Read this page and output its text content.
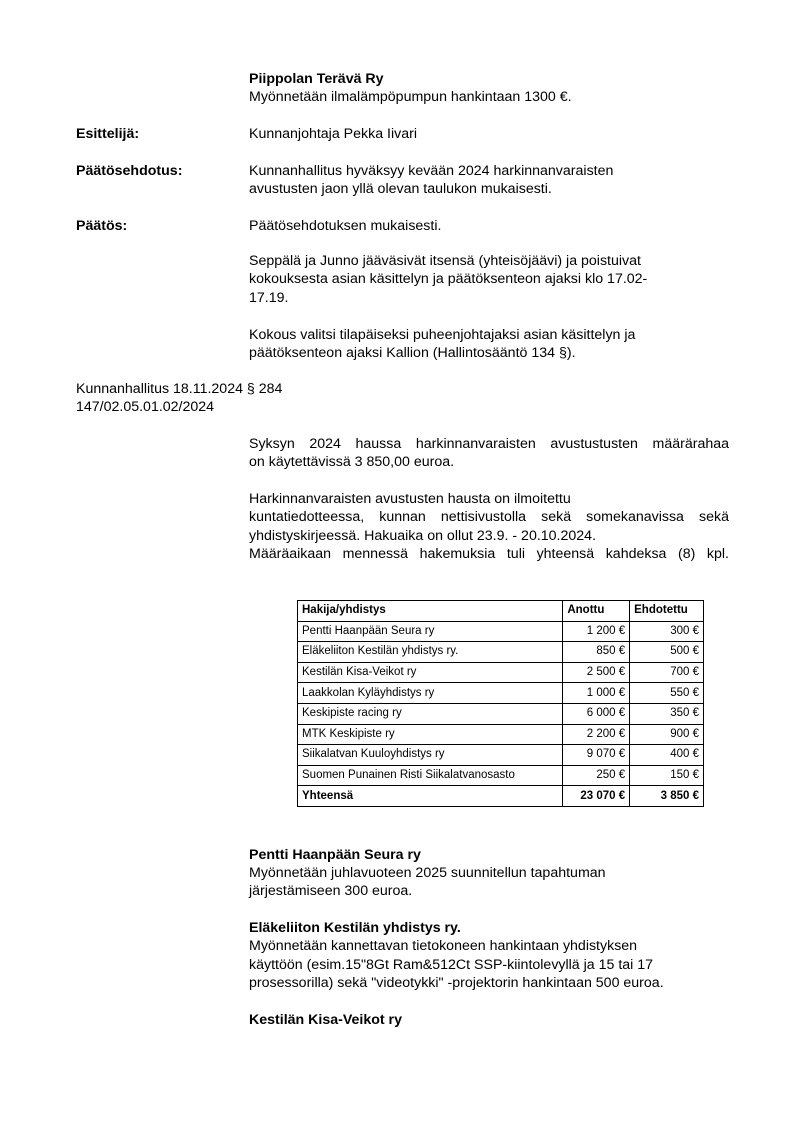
Piippolan Terävä Ry
Myönnetään ilmalämpöpumpun hankintaan 1300 €.
Esittelijä:	Kunnanjohtaja Pekka Iivari
Päätösehdotus:	Kunnanhallitus hyväksyy kevään 2024 harkinnanvaraisten
avustusten jaon yllä olevan taulukon mukaisesti.
Päätös:	Päätösehdotuksen mukaisesti.
Seppälä ja Junno jääväsivät itsensä (yhteisöjäävi) ja poistuivat
kokouksesta asian käsittelyn ja päätöksenteon ajaksi klo 17.02-
17.19.
Kokous valitsi tilapäiseksi puheenjohtajaksi asian käsittelyn ja
päätöksenteon ajaksi Kallion (Hallintosääntö 134 §).
Kunnanhallitus 18.11.2024 § 284
147/02.05.01.02/2024
Syksyn 2024 haussa harkinnanvaraisten avustustusten määrärahaa
on käytettävissä 3 850,00 euroa.
Harkinnanvaraisten avustusten hausta on ilmoitettu
kuntatiedotteessa, kunnan nettisivustolla sekä somekanavissa sekä
yhdistyskirjeessä. Hakuaika on ollut 23.9. - 20.10.2024.
Määräaikaan mennessä hakemuksia tuli yhteensä kahdeksa (8) kpl.
Hakija/yhdistys	Anottu	Ehdotettu
Pentti Haanpään Seura ry	1 200 €	300 €
Eläkeliiton Kestilän yhdistys ry.	850 €	500 €
Kestilän Kisa-Veikot ry	2 500 €	700 €
Laakkolan Kyläyhdistys ry	1 000 €	550 €
Keskipiste racing ry	6 000 €	350 €
MTK Keskipiste ry	2 200 €	900 €
Siikalatvan Kuuloyhdistys ry	9 070 €	400 €
Suomen Punainen Risti Siikalatvanosasto	250 €	150 €
Yhteensä	23 070 €	3 850 €
Pentti Haanpään Seura ry
Myönnetään juhlavuoteen 2025 suunnitellun tapahtuman
järjestämiseen 300 euroa.
Eläkeliiton Kestilän yhdistys ry.
Myönnetään kannettavan tietokoneen hankintaan yhdistyksen
käyttöön (esim.15"8Gt Ram&512Ct SSP-kiintolevyllä ja 15 tai 17
prosessorilla) sekä "videotykki" -projektorin hankintaan 500 euroa.
Kestilän Kisa-Veikot ry
